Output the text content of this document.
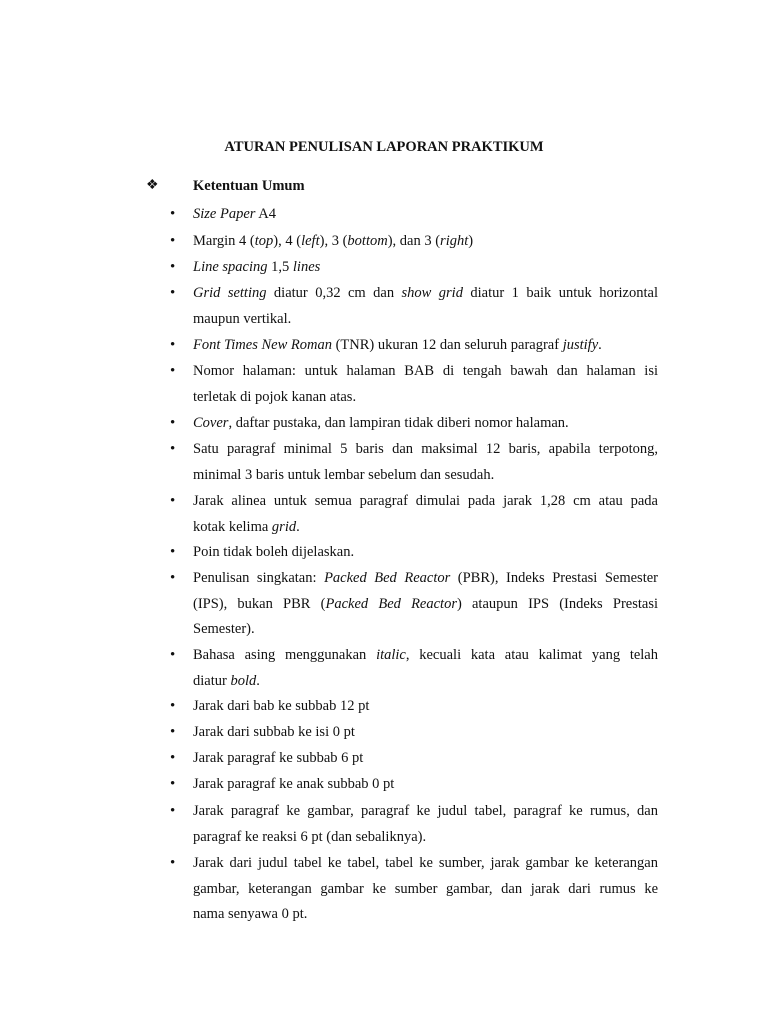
ATURAN PENULISAN LAPORAN PRAKTIKUM
❖ Ketentuan Umum
• Size Paper A4
• Margin 4 (top), 4 (left), 3 (bottom), dan 3 (right)
• Line spacing 1,5 lines
• Grid setting diatur 0,32 cm dan show grid diatur 1 baik untuk horizontal
maupun vertikal.
• Font Times New Roman (TNR) ukuran 12 dan seluruh paragraf justify.
• Nomor halaman: untuk halaman BAB di tengah bawah dan halaman isi
terletak di pojok kanan atas.
• Cover, daftar pustaka, dan lampiran tidak diberi nomor halaman.
• Satu paragraf minimal 5 baris dan maksimal 12 baris, apabila terpotong,
minimal 3 baris untuk lembar sebelum dan sesudah.
• Jarak alinea untuk semua paragraf dimulai pada jarak 1,28 cm atau pada
kotak kelima grid.
• Poin tidak boleh dijelaskan.
• Penulisan singkatan: Packed Bed Reactor (PBR), Indeks Prestasi Semester
(IPS), bukan PBR (Packed Bed Reactor) ataupun IPS (Indeks Prestasi
Semester).
• Bahasa asing menggunakan italic, kecuali kata atau kalimat yang telah
diatur bold.
• Jarak dari bab ke subbab 12 pt
• Jarak dari subbab ke isi 0 pt
• Jarak paragraf ke subbab 6 pt
• Jarak paragraf ke anak subbab 0 pt
• Jarak paragraf ke gambar, paragraf ke judul tabel, paragraf ke rumus, dan
paragraf ke reaksi 6 pt (dan sebaliknya).
• Jarak dari judul tabel ke tabel, tabel ke sumber, jarak gambar ke keterangan
gambar, keterangan gambar ke sumber gambar, dan jarak dari rumus ke
nama senyawa 0 pt.
